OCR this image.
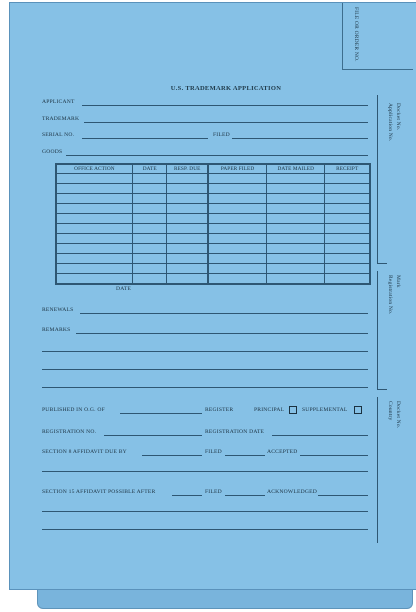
FILE OR ORDER NO.
Docket No.
Application No.
Mark
Registration No.
Docket No.
Country
U.S. TRADEMARK APPLICATION
APPLICANT
TRADEMARK
SERIAL NO.	FILED
GOODS
OFFICE ACTION	DATE	RESP. DUE	PAPER FILED	DATE MAILED	RECEIPT

DATE
RENEWALS
REMARKS
PUBLISHED IN O.G. OF	REGISTER	PRINCIPAL	SUPPLEMENTAL
REGISTRATION NO.	REGISTRATION DATE
SECTION 8 AFFIDAVIT DUE BY	FILED	ACCEPTED
SECTION 15 AFFIDAVIT POSSIBLE AFTER	FILED	ACKNOWLEDGED
